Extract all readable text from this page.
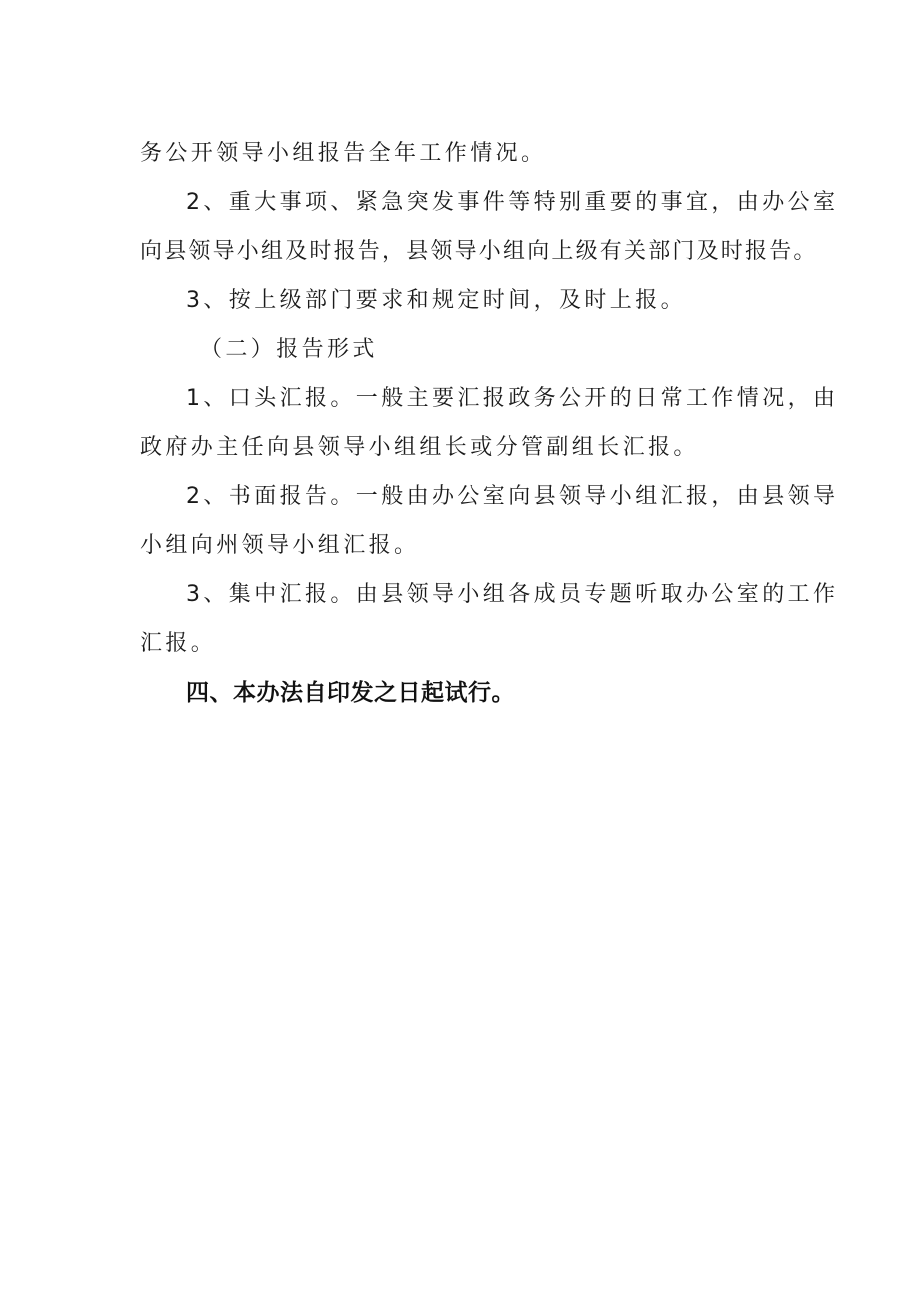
务公开领导小组报告全年工作情况。
2、重大事项、紧急突发事件等特别重要的事宜，由办公室
向县领导小组及时报告，县领导小组向上级有关部门及时报告。
3、按上级部门要求和规定时间，及时上报。
（二）报告形式
1、口头汇报。一般主要汇报政务公开的日常工作情况，由
政府办主任向县领导小组组长或分管副组长汇报。
2、书面报告。一般由办公室向县领导小组汇报，由县领导
小组向州领导小组汇报。
3、集中汇报。由县领导小组各成员专题听取办公室的工作
汇报。
四、本办法自印发之日起试行。
